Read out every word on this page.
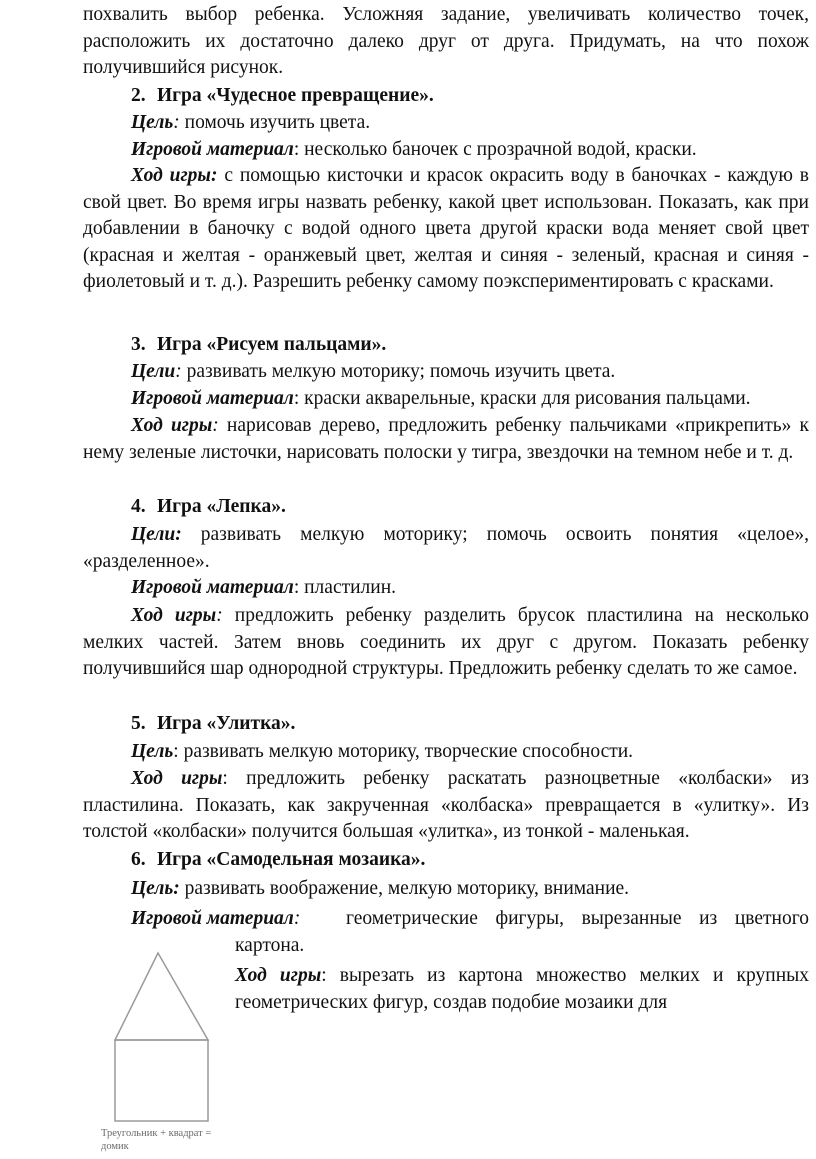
похвалить выбор ребенка. Усложняя задание, увеличивать количество точек, расположить их достаточно далеко друг от друга. Придумать, на что похож получившийся рисунок.

2. Игра «Чудесное превращение».

Цель: помочь изучить цвета.

Игровой материал: несколько баночек с прозрачной водой, краски.

Ход игры: с помощью кисточки и красок окрасить воду в баночках - каждую в свой цвет. Во время игры назвать ребенку, какой цвет использован. Показать, как при добавлении в баночку с водой одного цвета другой краски вода меняет свой цвет (красная и желтая - оранжевый цвет, желтая и синяя - зеленый, красная и синяя - фиолетовый и т. д.). Разрешить ребенку самому поэкспериментировать с красками.

3. Игра «Рисуем пальцами».

Цели: развивать мелкую моторику; помочь изучить цвета.

Игровой материал: краски акварельные, краски для рисования пальцами.

Ход игры: нарисовав дерево, предложить ребенку пальчиками «прикрепить» к нему зеленые листочки, нарисовать полоски у тигра, звездочки на темном небе и т. д.

4. Игра «Лепка».

Цели: развивать мелкую моторику; помочь освоить понятия «целое», «разделенное».

Игровой материал: пластилин.

Ход игры: предложить ребенку разделить брусок пластилина на несколько мелких частей. Затем вновь соединить их друг с другом. Показать ребенку получившийся шар однородной структуры. Предложить ребенку сделать то же самое.

5. Игра «Улитка».

Цель: развивать мелкую моторику, творческие способности.

Ход игры: предложить ребенку раскатать разноцветные «колбаски» из пластилина. Показать, как закрученная «колбаска» превращается в «улитку». Из толстой «колбаски» получится большая «улитка», из тонкой - маленькая.

6. Игра «Самодельная мозаика».

Цель: развивать воображение, мелкую моторику, внимание.

Игровой материал:	геометрические фигуры, вырезанные из цветного картона.

Ход игры: вырезать из картона множество мелких и крупных геометрических фигур, создав подобие мозаики для

Треугольник + квадрат = домик
